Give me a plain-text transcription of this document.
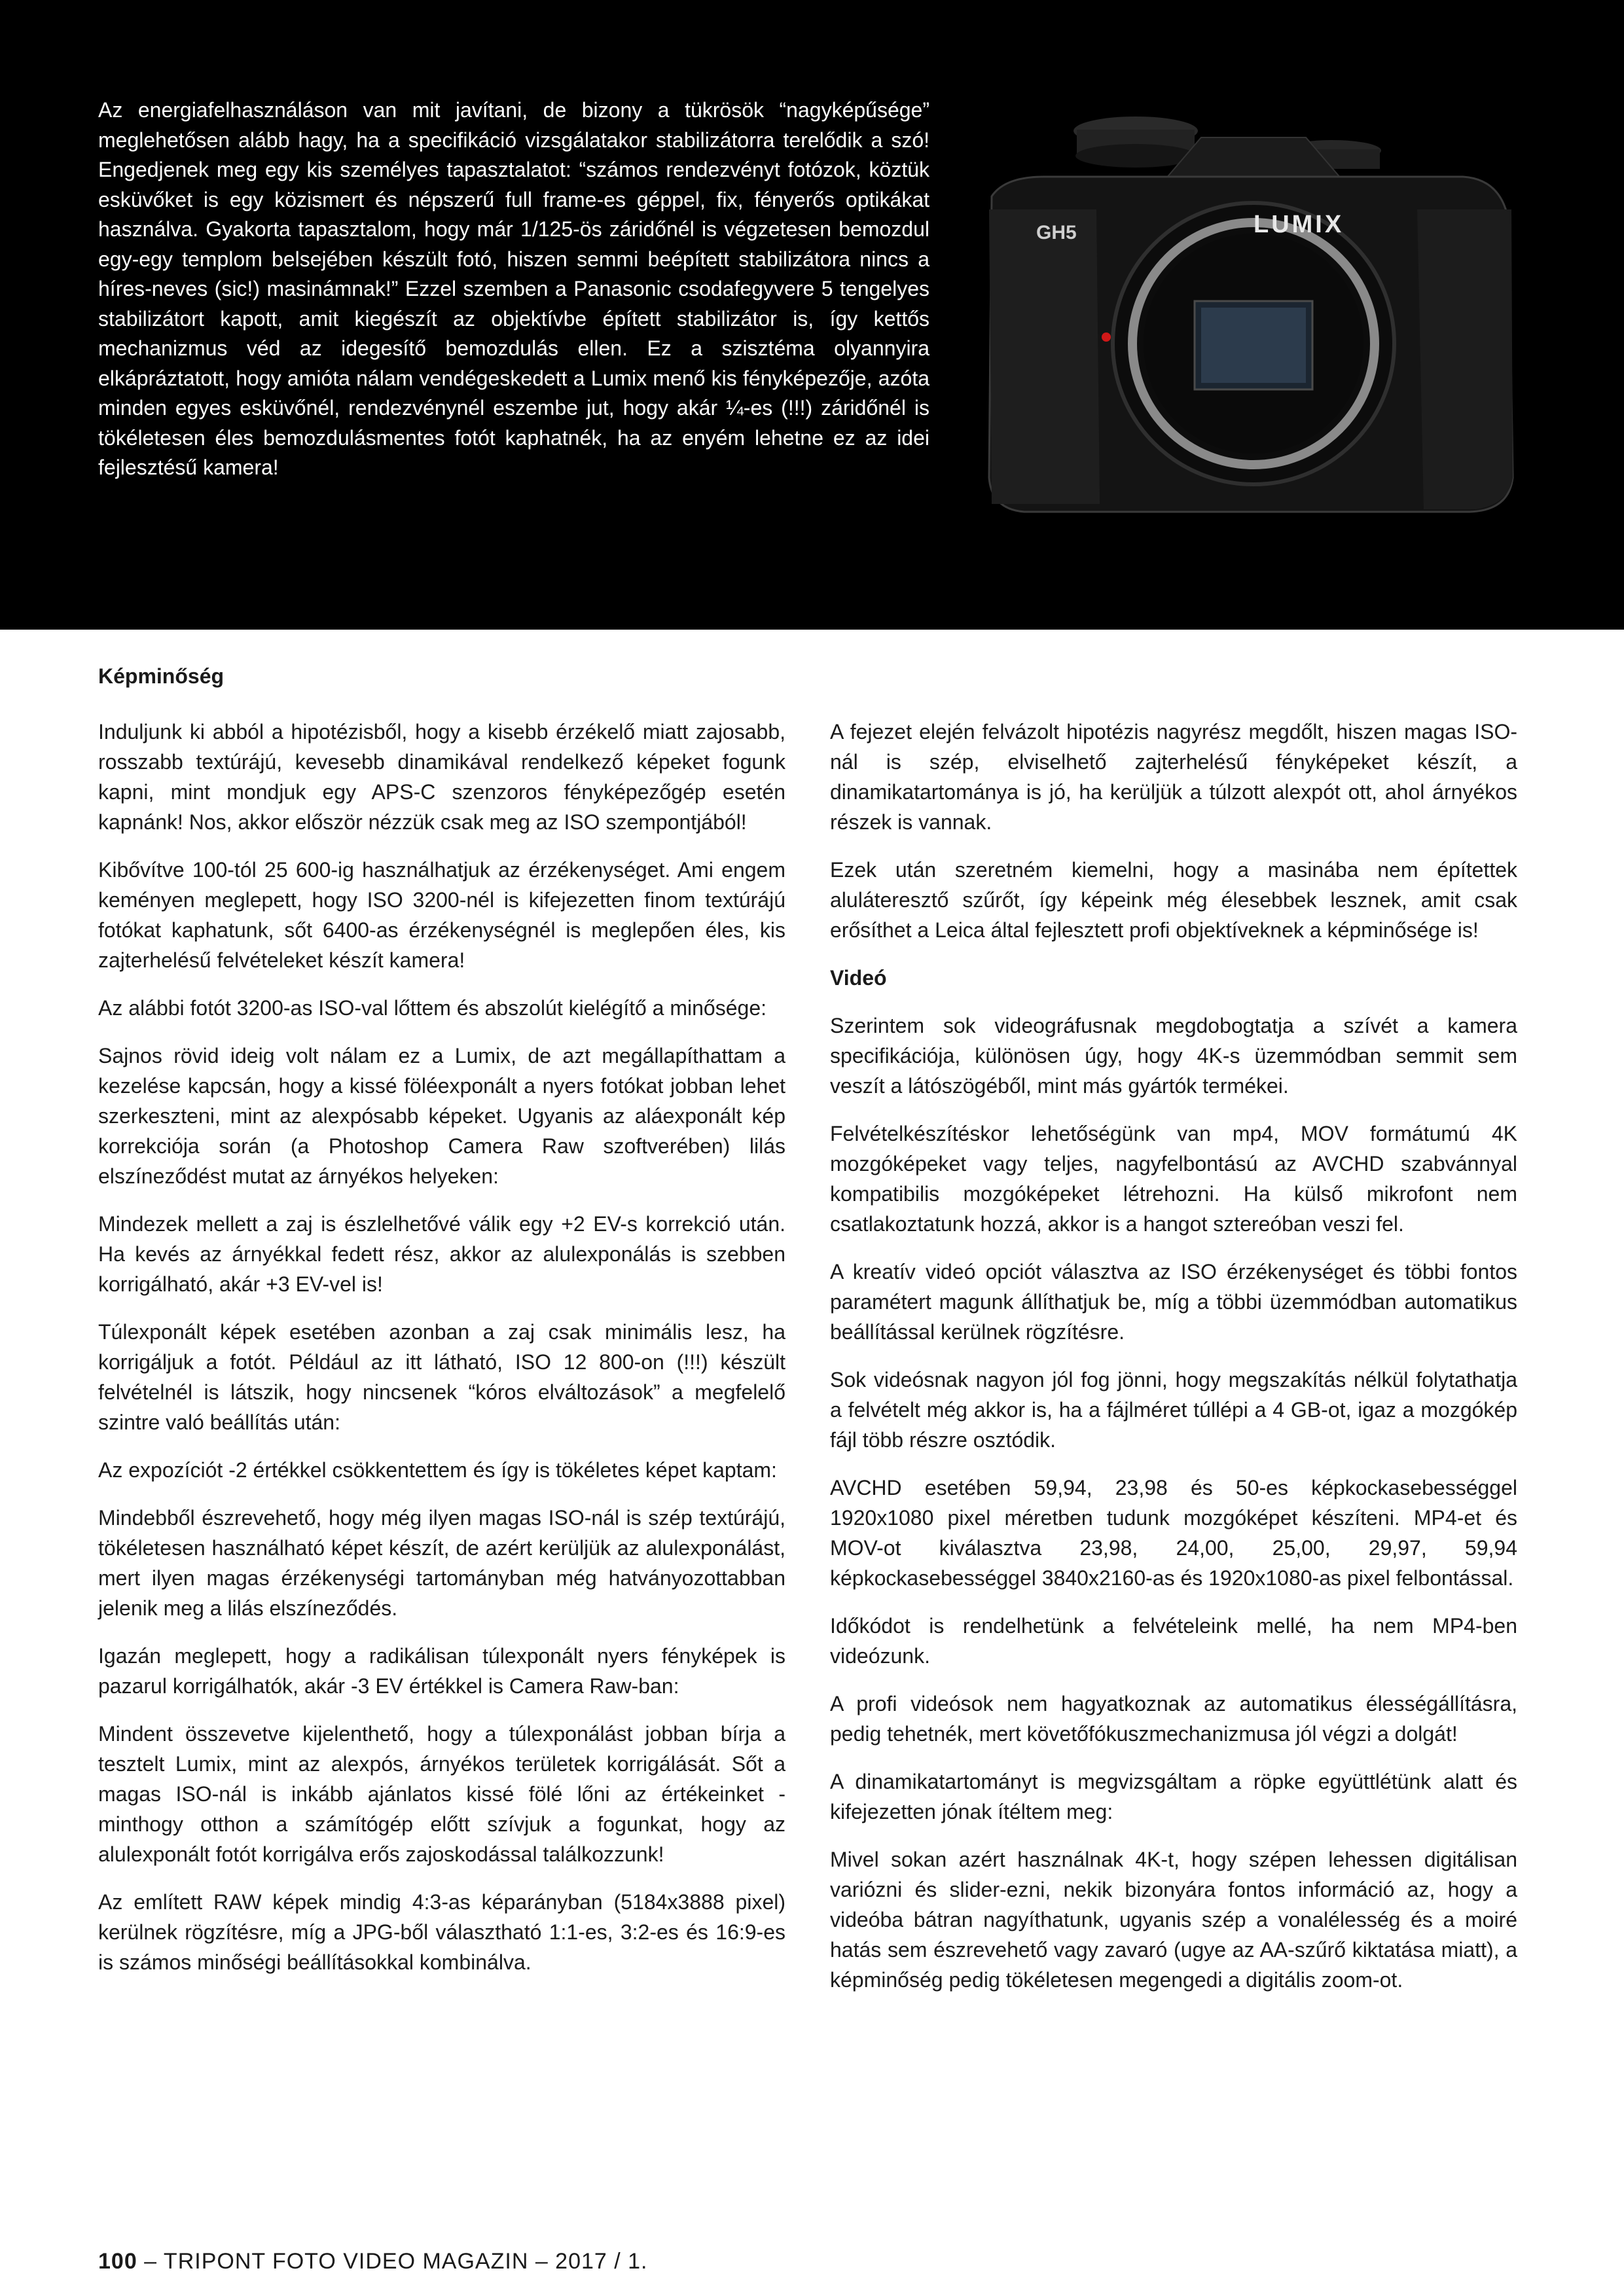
Az energiafelhasználáson van mit javítani, de bizony a tükrösök “nagyképűsége” meglehetősen alább hagy, ha a specifikáció vizsgálatakor stabilizátorra terelődik a szó! Engedjenek meg egy kis személyes tapasztalatot: “számos rendezvényt fotózok, köztük esküvőket is egy közismert és népszerű full frame-es géppel, fix, fényerős optikákat használva. Gyakorta tapasztalom, hogy már 1/125-ös záridőnél is végzetesen bemozdul egy-egy templom belsejében készült fotó, hiszen semmi beépített stabilizátora nincs a híres-neves (sic!) masinámnak!” Ezzel szemben a Panasonic csodafegyvere 5 tengelyes stabilizátort kapott, amit kiegészít az objektívbe épített stabilizátor is, így kettős mechanizmus véd az idegesítő bemozdulás ellen. Ez a szisztéma olyannyira elkápráztatott, hogy amióta nálam vendégeskedett a Lumix menő kis fényképezője, azóta minden egyes esküvőnél, rendezvénynél eszembe jut, hogy akár ¼-es (!!!) záridőnél is tökéletesen éles bemozdulásmentes fotót kaphatnék, ha az enyém lehetne ez az idei fejlesztésű kamera!

GH5	LUMIX
Képminőség

Induljunk ki abból a hipotézisből, hogy a kisebb érzékelő miatt zajosabb, rosszabb textúrájú, kevesebb dinamikával rendelkező képeket fogunk kapni, mint mondjuk egy APS-C szenzoros fényképezőgép esetén kapnánk! Nos, akkor először nézzük csak meg az ISO szempontjából!

Kibővítve 100-tól 25 600-ig használhatjuk az érzékenységet. Ami engem keményen meglepett, hogy ISO 3200-nél is kifejezetten finom textúrájú fotókat kaphatunk, sőt 6400-as érzékenységnél is meglepően éles, kis zajterhelésű felvételeket készít kamera!

Az alábbi fotót 3200-as ISO-val lőttem és abszolút kielégítő a minősége:

Sajnos rövid ideig volt nálam ez a Lumix, de azt megállapíthattam a kezelése kapcsán, hogy a kissé föléexponált a nyers fotókat jobban lehet szerkeszteni, mint az alexpósabb képeket. Ugyanis az aláexponált kép korrekciója során (a Photoshop Camera Raw szoftverében) lilás elszíneződést mutat az árnyékos helyeken:

Mindezek mellett a zaj is észlelhetővé válik egy +2 EV-s korrekció után. Ha kevés az árnyékkal fedett rész, akkor az alulexponálás is szebben korrigálható, akár +3 EV-vel is!

Túlexponált képek esetében azonban a zaj csak minimális lesz, ha korrigáljuk a fotót. Például az itt látható, ISO 12 800-on (!!!) készült felvételnél is látszik, hogy nincsenek “kóros elváltozások” a megfelelő szintre való beállítás után:

Az expozíciót -2 értékkel csökkentettem és így is tökéletes képet kaptam:

Mindebből észrevehető, hogy még ilyen magas ISO-nál is szép textúrájú, tökéletesen használható képet készít, de azért kerüljük az alulexponálást, mert ilyen magas érzékenységi tartományban még hatványozottabban jelenik meg a lilás elszíneződés.

Igazán meglepett, hogy a radikálisan túlexponált nyers fényképek is pazarul korrigálhatók, akár -3 EV értékkel is Camera Raw-ban:

Mindent összevetve kijelenthető, hogy a túlexponálást jobban bírja a tesztelt Lumix, mint az alexpós, árnyékos területek korrigálását. Sőt a magas ISO-nál is inkább ajánlatos kissé fölé lőni az értékeinket - minthogy otthon a számítógép előtt szívjuk a fogunkat, hogy az alulexponált fotót korrigálva erős zajoskodással találkozzunk!

Az említett RAW képek mindig 4:3-as képarányban (5184x3888 pixel) kerülnek rögzítésre, míg a JPG-ből választható 1:1-es, 3:2-es és 16:9-es is számos minőségi beállításokkal kombinálva.

A fejezet elején felvázolt hipotézis nagyrész megdőlt, hiszen magas ISO-nál is szép, elviselhető zajterhelésű fényképeket készít, a dinamikatartománya is jó, ha kerüljük a túlzott alexpót ott, ahol árnyékos részek is vannak.

Ezek után szeretném kiemelni, hogy a masinába nem építettek aluláteresztő szűrőt, így képeink még élesebbek lesznek, amit csak erősíthet a Leica által fejlesztett profi objektíveknek a képminősége is!

Videó

Szerintem sok videográfusnak megdobogtatja a szívét a kamera specifikációja, különösen úgy, hogy 4K-s üzemmódban semmit sem veszít a látószögéből, mint más gyártók termékei.

Felvételkészítéskor lehetőségünk van mp4, MOV formátumú 4K mozgóképeket vagy teljes, nagyfelbontású az AVCHD szabvánnyal kompatibilis mozgóképeket létrehozni. Ha külső mikrofont nem csatlakoztatunk hozzá, akkor is a hangot sztereóban veszi fel.

A kreatív videó opciót választva az ISO érzékenységet és többi fontos paramétert magunk állíthatjuk be, míg a többi üzemmódban automatikus beállítással kerülnek rögzítésre.

Sok videósnak nagyon jól fog jönni, hogy megszakítás nélkül folytathatja a felvételt még akkor is, ha a fájlméret túllépi a 4 GB-ot, igaz a mozgókép fájl több részre osztódik.

AVCHD esetében 59,94, 23,98 és 50-es képkockasebességgel 1920x1080 pixel méretben tudunk mozgóképet készíteni. MP4-et és MOV-ot kiválasztva 23,98, 24,00, 25,00, 29,97, 59,94 képkockasebességgel 3840x2160-as és 1920x1080-as pixel felbontással.

Időkódot is rendelhetünk a felvételeink mellé, ha nem MP4-ben videózunk.

A profi videósok nem hagyatkoznak az automatikus élességállításra, pedig tehetnék, mert követőfókuszmechanizmusa jól végzi a dolgát!

A dinamikatartományt is megvizsgáltam a röpke együttlétünk alatt és kifejezetten jónak ítéltem meg:

Mivel sokan azért használnak 4K-t, hogy szépen lehessen digitálisan variózni és slider-ezni, nekik bizonyára fontos információ az, hogy a videóba bátran nagyíthatunk, ugyanis szép a vonalélesség és a moiré hatás sem észrevehető vagy zavaró (ugye az AA-szűrő kiktatása miatt), a képminőség pedig tökéletesen megengedi a digitális zoom-ot.

100 – TRIPONT FOTO VIDEO MAGAZIN – 2017 / 1.
